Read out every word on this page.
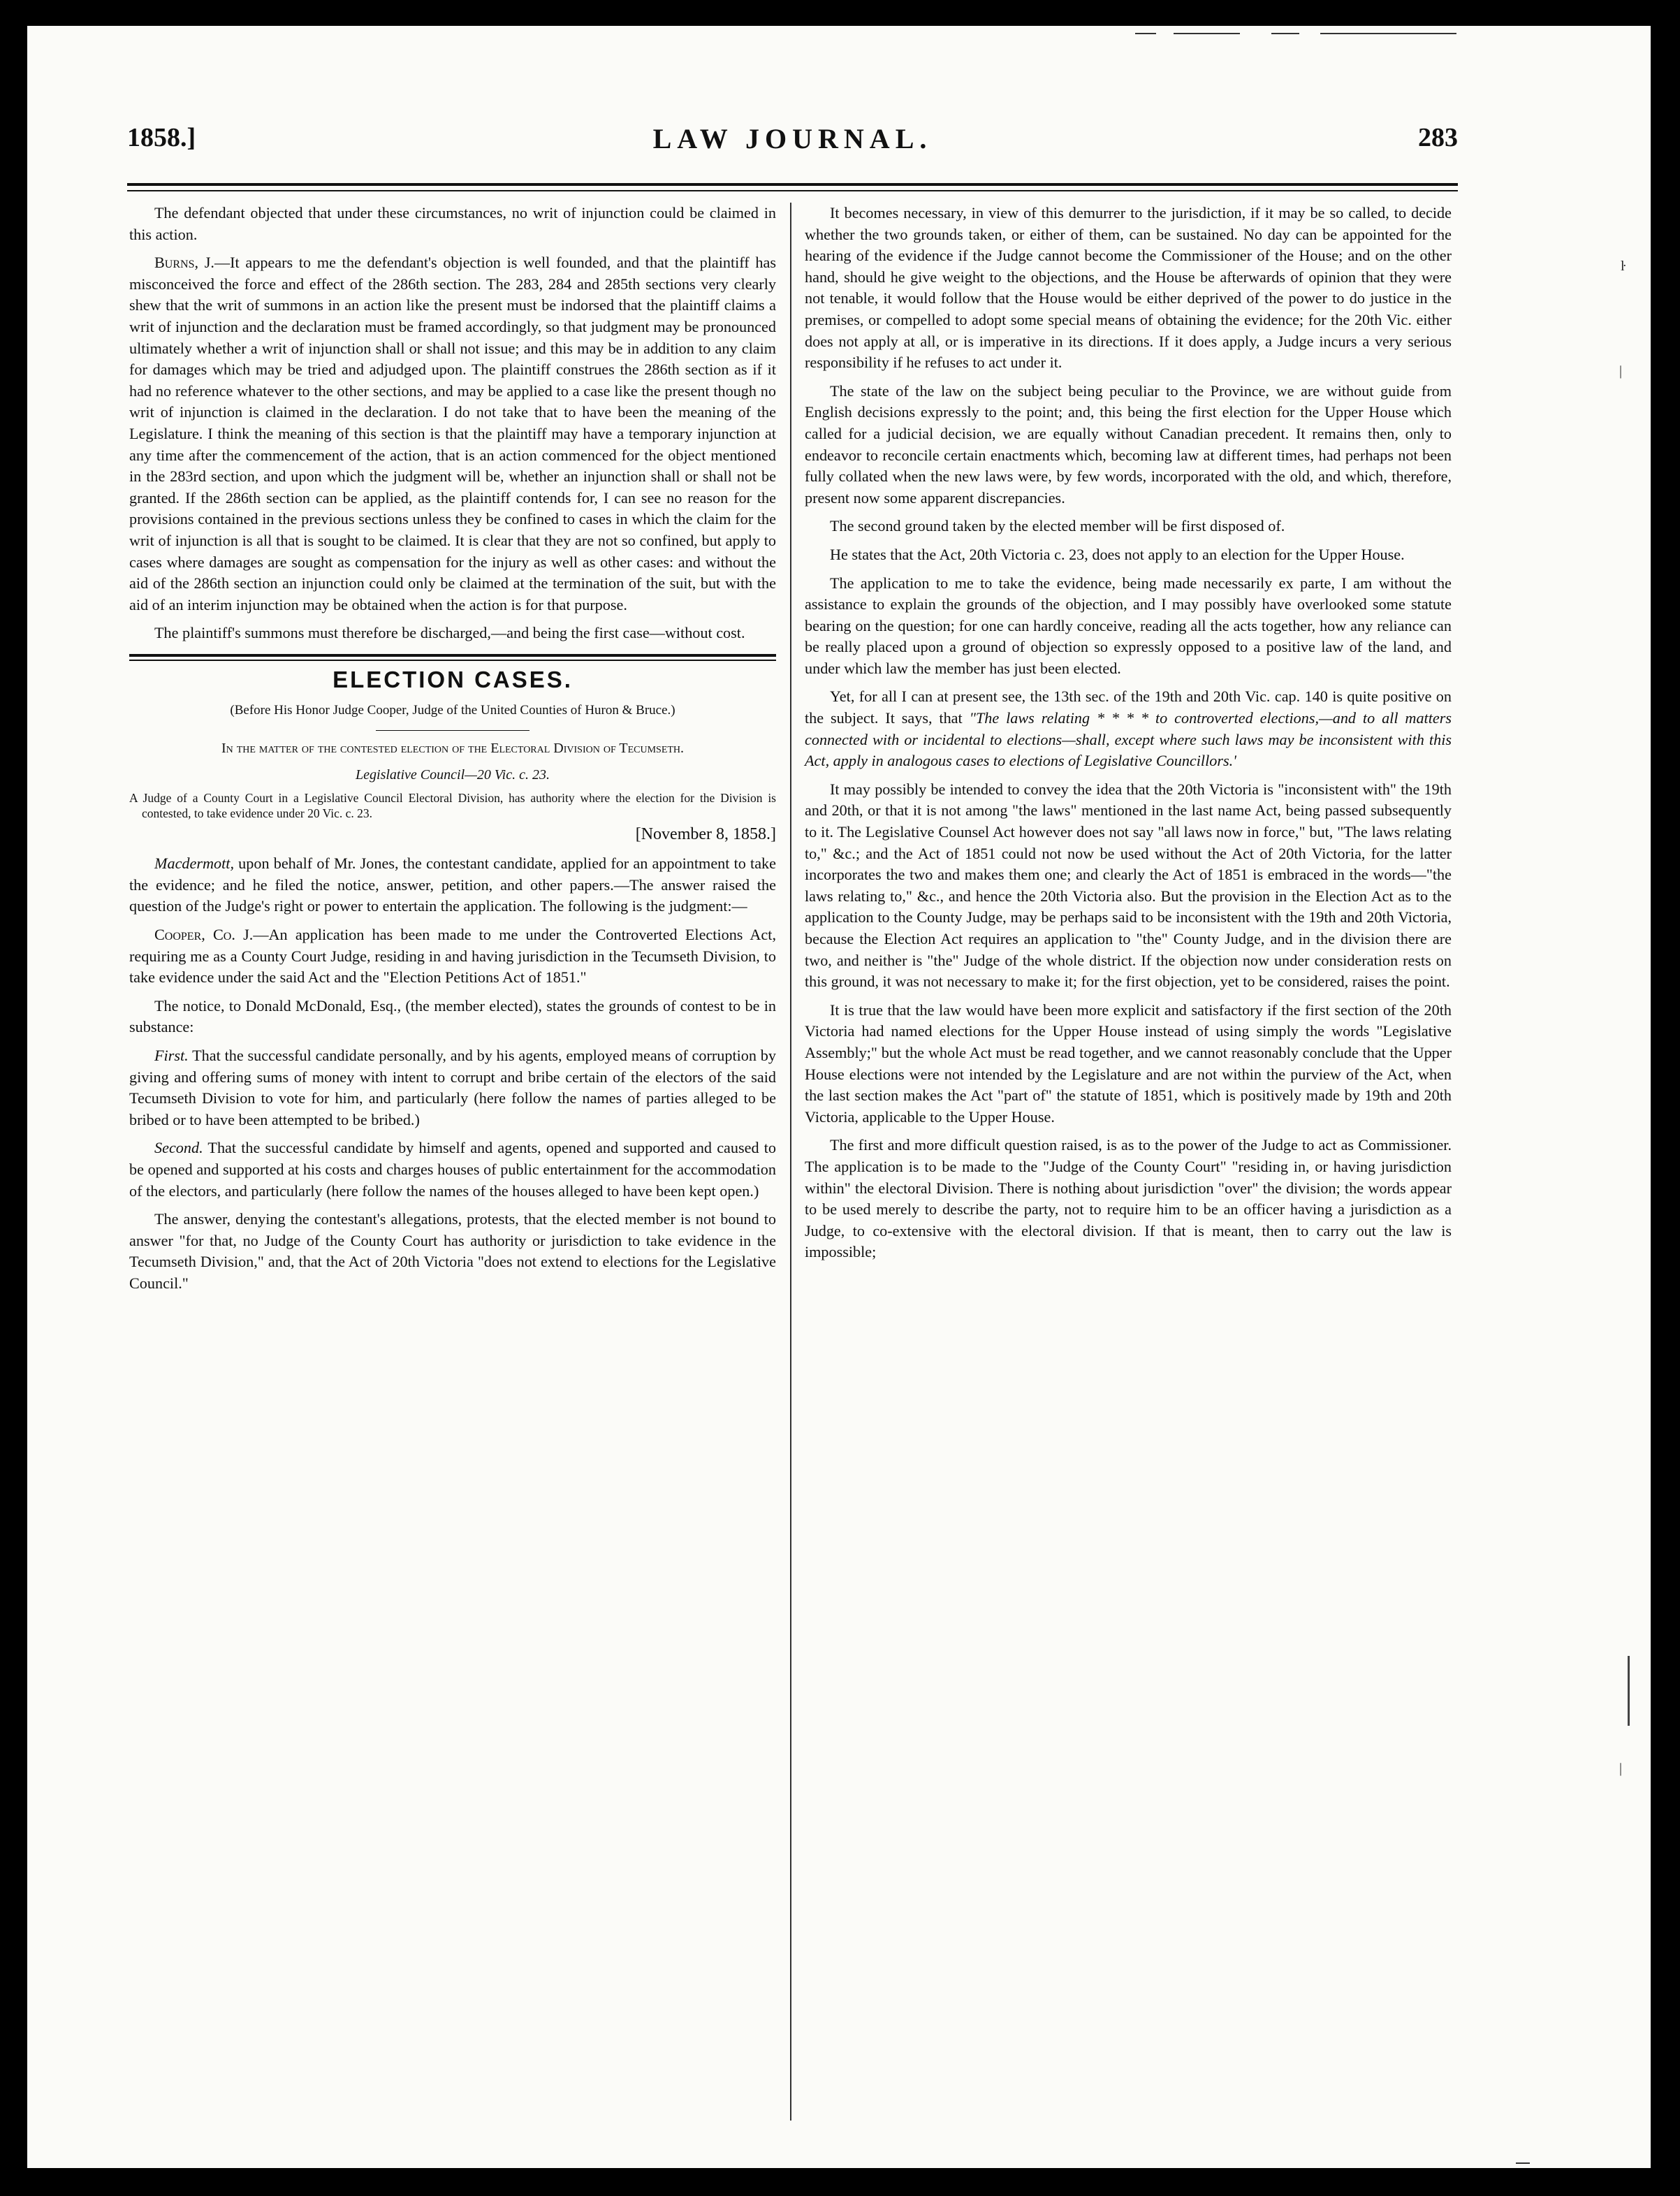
1858.]	LAW JOURNAL.	283

The defendant objected that under these circumstances, no writ of injunction could be claimed in this action.

Burns, J.—It appears to me the defendant's objection is well founded, and that the plaintiff has misconceived the force and effect of the 286th section. The 283, 284 and 285th sections very clearly shew that the writ of summons in an action like the present must be indorsed that the plaintiff claims a writ of injunction and the declaration must be framed accordingly, so that judgment may be pronounced ultimately whether a writ of injunction shall or shall not issue; and this may be in addition to any claim for damages which may be tried and adjudged upon. The plaintiff construes the 286th section as if it had no reference whatever to the other sections, and may be applied to a case like the present though no writ of injunction is claimed in the declaration. I do not take that to have been the meaning of the Legislature. I think the meaning of this section is that the plaintiff may have a temporary injunction at any time after the commencement of the action, that is an action commenced for the object mentioned in the 283rd section, and upon which the judgment will be, whether an injunction shall or shall not be granted. If the 286th section can be applied, as the plaintiff contends for, I can see no reason for the provisions contained in the previous sections unless they be confined to cases in which the claim for the writ of injunction is all that is sought to be claimed. It is clear that they are not so confined, but apply to cases where damages are sought as compensation for the injury as well as other cases: and without the aid of the 286th section an injunction could only be claimed at the termination of the suit, but with the aid of an interim injunction may be obtained when the action is for that purpose.

The plaintiff's summons must therefore be discharged,—and being the first case—without cost.

ELECTION CASES.
(Before His Honor Judge Cooper, Judge of the United Counties of Huron & Bruce.)
In the matter of the contested election of the Electoral Division of Tecumseth.
Legislative Council—20 Vic. c. 23.
A Judge of a County Court in a Legislative Council Electoral Division, has authority where the election for the Division is contested, to take evidence under 20 Vic. c. 23.
[November 8, 1858.]

Macdermott, upon behalf of Mr. Jones, the contestant candidate, applied for an appointment to take the evidence; and he filed the notice, answer, petition, and other papers.—The answer raised the question of the Judge's right or power to entertain the application. The following is the judgment:—

Cooper, Co. J.—An application has been made to me under the Controverted Elections Act, requiring me as a County Court Judge, residing in and having jurisdiction in the Tecumseth Division, to take evidence under the said Act and the "Election Petitions Act of 1851."

The notice, to Donald McDonald, Esq., (the member elected), states the grounds of contest to be in substance:

First. That the successful candidate personally, and by his agents, employed means of corruption by giving and offering sums of money with intent to corrupt and bribe certain of the electors of the said Tecumseth Division to vote for him, and particularly (here follow the names of parties alleged to be bribed or to have been attempted to be bribed.)

Second. That the successful candidate by himself and agents, opened and supported and caused to be opened and supported at his costs and charges houses of public entertainment for the accommodation of the electors, and particularly (here follow the names of the houses alleged to have been kept open.)

The answer, denying the contestant's allegations, protests, that the elected member is not bound to answer "for that, no Judge of the County Court has authority or jurisdiction to take evidence in the Tecumseth Division," and, that the Act of 20th Victoria "does not extend to elections for the Legislative Council."

It becomes necessary, in view of this demurrer to the jurisdiction, if it may be so called, to decide whether the two grounds taken, or either of them, can be sustained. No day can be appointed for the hearing of the evidence if the Judge cannot become the Commissioner of the House; and on the other hand, should he give weight to the objections, and the House be afterwards of opinion that they were not tenable, it would follow that the House would be either deprived of the power to do justice in the premises, or compelled to adopt some special means of obtaining the evidence; for the 20th Vic. either does not apply at all, or is imperative in its directions. If it does apply, a Judge incurs a very serious responsibility if he refuses to act under it.

The state of the law on the subject being peculiar to the Province, we are without guide from English decisions expressly to the point; and, this being the first election for the Upper House which called for a judicial decision, we are equally without Canadian precedent. It remains then, only to endeavor to reconcile certain enactments which, becoming law at different times, had perhaps not been fully collated when the new laws were, by few words, incorporated with the old, and which, therefore, present now some apparent discrepancies.

The second ground taken by the elected member will be first disposed of.

He states that the Act, 20th Victoria c. 23, does not apply to an election for the Upper House.

The application to me to take the evidence, being made necessarily ex parte, I am without the assistance to explain the grounds of the objection, and I may possibly have overlooked some statute bearing on the question; for one can hardly conceive, reading all the acts together, how any reliance can be really placed upon a ground of objection so expressly opposed to a positive law of the land, and under which law the member has just been elected.

Yet, for all I can at present see, the 13th sec. of the 19th and 20th Vic. cap. 140 is quite positive on the subject. It says, that "The laws relating * * * * to controverted elections,—and to all matters connected with or incidental to elections—shall, except where such laws may be inconsistent with this Act, apply in analogous cases to elections of Legislative Councillors.'

It may possibly be intended to convey the idea that the 20th Victoria is "inconsistent with" the 19th and 20th, or that it is not among "the laws" mentioned in the last name Act, being passed subsequently to it. The Legislative Counsel Act however does not say "all laws now in force," but, "The laws relating to," &c.; and the Act of 1851 could not now be used without the Act of 20th Victoria, for the latter incorporates the two and makes them one; and clearly the Act of 1851 is embraced in the words—"the laws relating to," &c., and hence the 20th Victoria also. But the provision in the Election Act as to the application to the County Judge, may be perhaps said to be inconsistent with the 19th and 20th Victoria, because the Election Act requires an application to "the" County Judge, and in the division there are two, and neither is "the" Judge of the whole district. If the objection now under consideration rests on this ground, it was not necessary to make it; for the first objection, yet to be considered, raises the point.

It is true that the law would have been more explicit and satisfactory if the first section of the 20th Victoria had named elections for the Upper House instead of using simply the words "Legislative Assembly;" but the whole Act must be read together, and we cannot reasonably conclude that the Upper House elections were not intended by the Legislature and are not within the purview of the Act, when the last section makes the Act "part of" the statute of 1851, which is positively made by 19th and 20th Victoria, applicable to the Upper House.

The first and more difficult question raised, is as to the power of the Judge to act as Commissioner. The application is to be made to the "Judge of the County Court" "residing in, or having jurisdiction within" the electoral Division. There is nothing about jurisdiction "over" the division; the words appear to be used merely to describe the party, not to require him to be an officer having a jurisdiction as a Judge, to co-extensive with the electoral division. If that is meant, then to carry out the law is impossible;

ŀ
|
|
